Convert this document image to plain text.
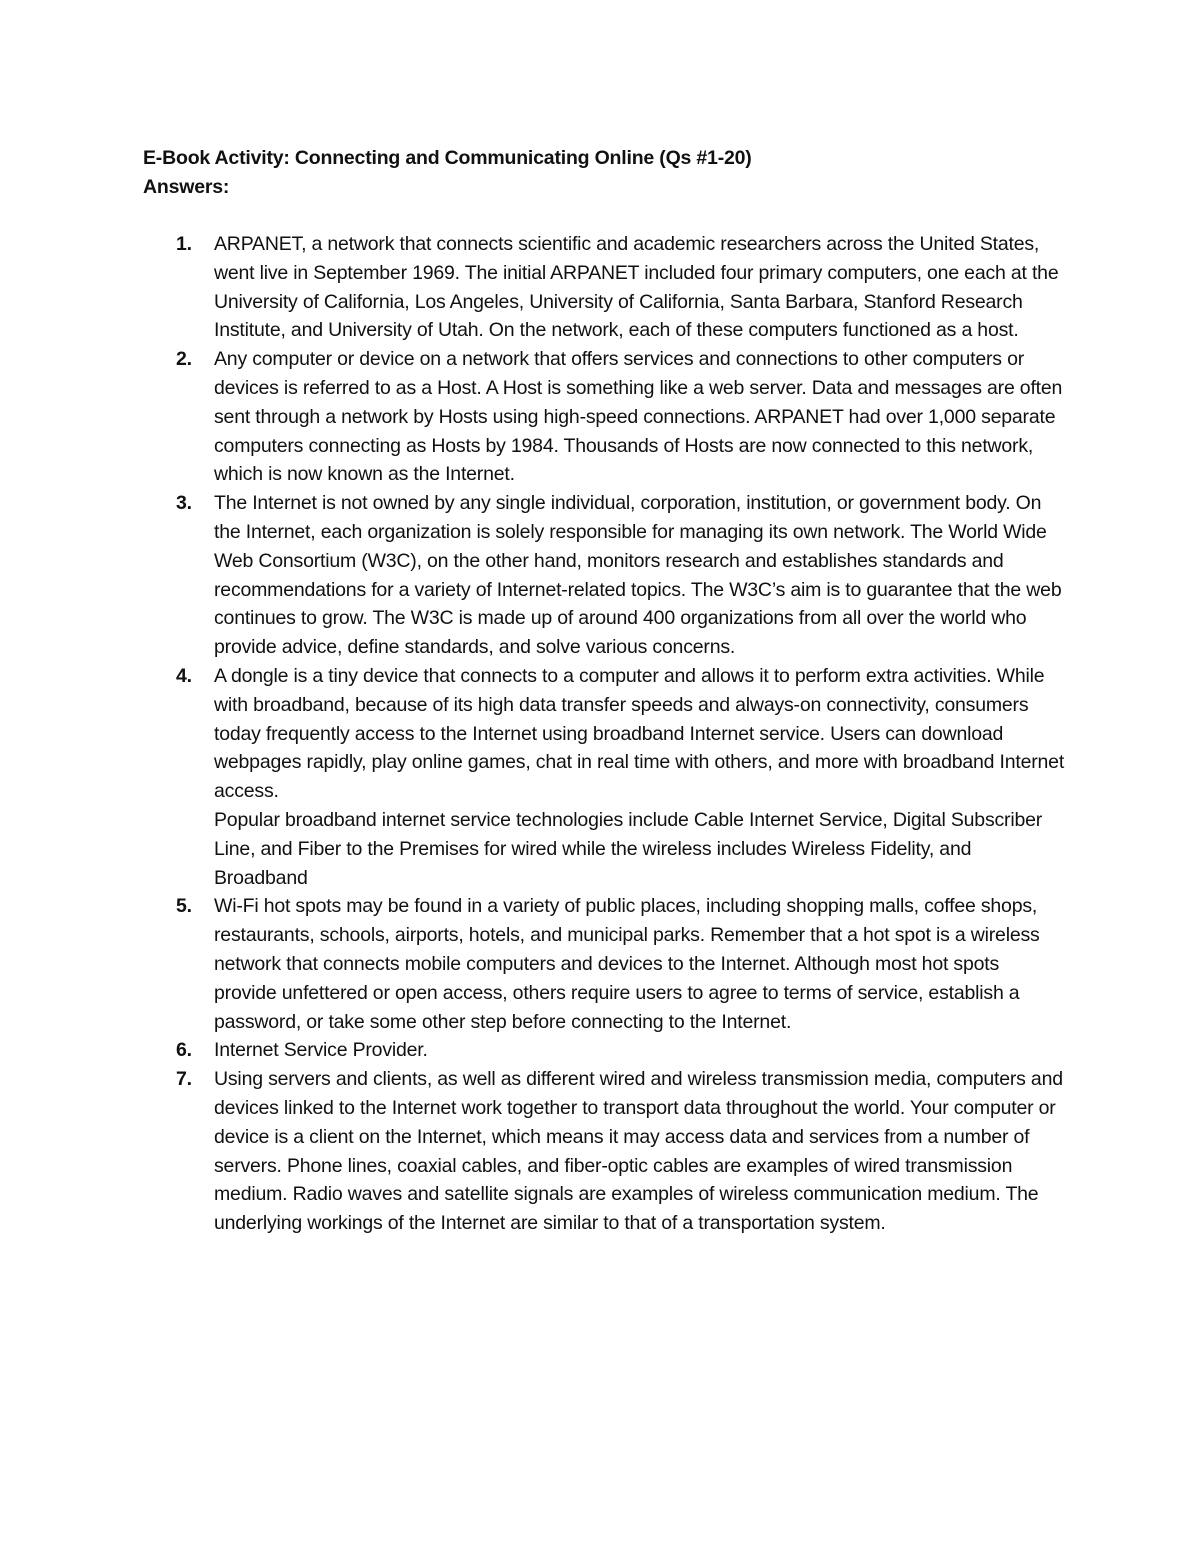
E-Book Activity: Connecting and Communicating Online (Qs #1-20)
Answers:
1.	ARPANET, a network that connects scientific and academic researchers across the United States, went live in September 1969. The initial ARPANET included four primary computers, one each at the University of California, Los Angeles, University of California, Santa Barbara, Stanford Research Institute, and University of Utah. On the network, each of these computers functioned as a host.
2.	Any computer or device on a network that offers services and connections to other computers or devices is referred to as a Host. A Host is something like a web server. Data and messages are often sent through a network by Hosts using high-speed connections. ARPANET had over 1,000 separate computers connecting as Hosts by 1984. Thousands of Hosts are now connected to this network, which is now known as the Internet.
3.	The Internet is not owned by any single individual, corporation, institution, or government body. On the Internet, each organization is solely responsible for managing its own network. The World Wide Web Consortium (W3C), on the other hand, monitors research and establishes standards and recommendations for a variety of Internet-related topics. The W3C’s aim is to guarantee that the web continues to grow. The W3C is made up of around 400 organizations from all over the world who provide advice, define standards, and solve various concerns.
4.	A dongle is a tiny device that connects to a computer and allows it to perform extra activities. While with broadband, because of its high data transfer speeds and always-on connectivity, consumers today frequently access to the Internet using broadband Internet service. Users can download webpages rapidly, play online games, chat in real time with others, and more with broadband Internet access.
Popular broadband internet service technologies include Cable Internet Service, Digital Subscriber Line, and Fiber to the Premises for wired while the wireless includes Wireless Fidelity, and Broadband
5.	Wi-Fi hot spots may be found in a variety of public places, including shopping malls, coffee shops, restaurants, schools, airports, hotels, and municipal parks. Remember that a hot spot is a wireless network that connects mobile computers and devices to the Internet. Although most hot spots provide unfettered or open access, others require users to agree to terms of service, establish a password, or take some other step before connecting to the Internet.
6.	Internet Service Provider.
7.	Using servers and clients, as well as different wired and wireless transmission media, computers and devices linked to the Internet work together to transport data throughout the world. Your computer or device is a client on the Internet, which means it may access data and services from a number of servers. Phone lines, coaxial cables, and fiber-optic cables are examples of wired transmission medium. Radio waves and satellite signals are examples of wireless communication medium. The underlying workings of the Internet are similar to that of a transportation system.
